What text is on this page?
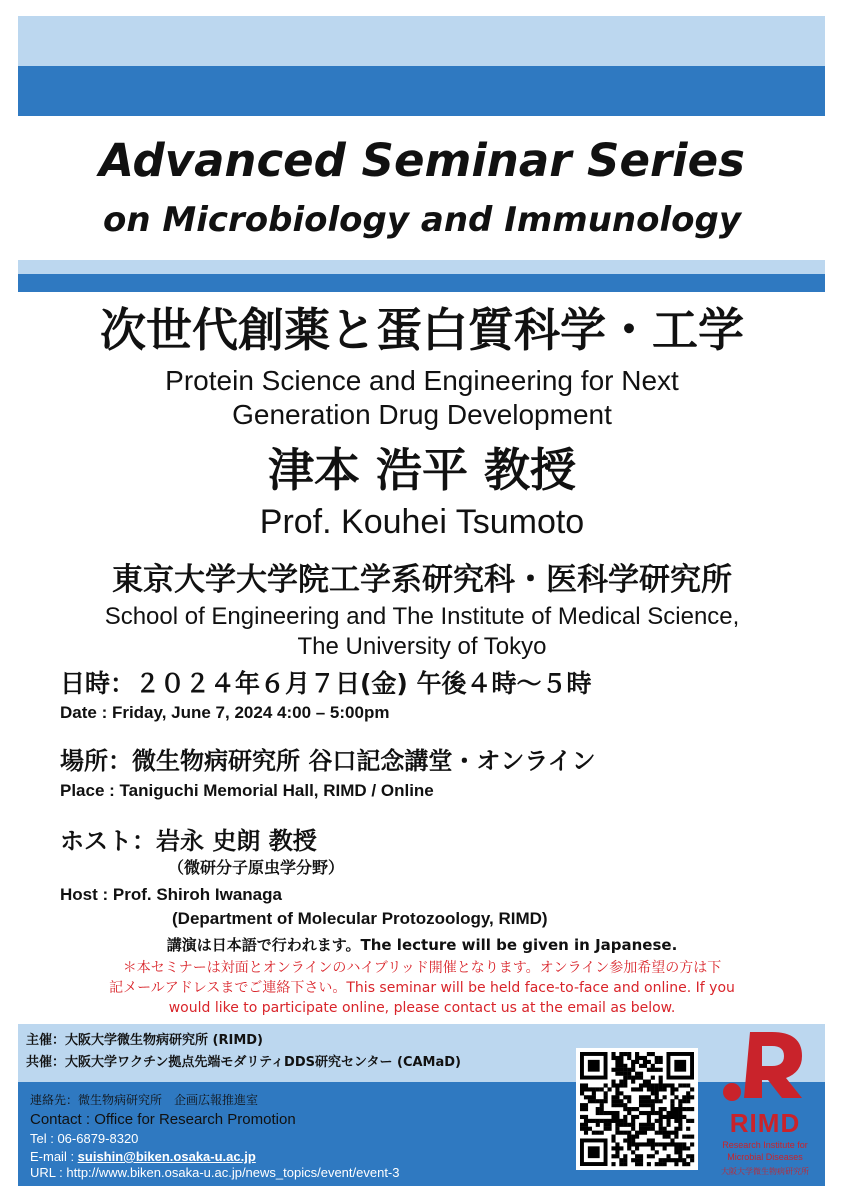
Advanced Seminar Series
on Microbiology and Immunology
次世代創薬と蛋白質科学・工学
Protein Science and Engineering for Next
Generation Drug Development
津本 浩平 教授
Prof. Kouhei Tsumoto
東京大学大学院工学系研究科・医科学研究所
School of Engineering and The Institute of Medical Science,
The University of Tokyo
日時：２０２４年６月７日(金) 午後４時～５時
Date : Friday, June 7, 2024 4:00 – 5:00pm
場所：微生物病研究所 谷口記念講堂・オンライン
Place : Taniguchi Memorial Hall, RIMD / Online
ホスト：岩永 史朗 教授
（微研分子原虫学分野）
Host : Prof. Shiroh Iwanaga
(Department of Molecular Protozoology, RIMD)
講演は日本語で行われます。The lecture will be given in Japanese.
＊本セミナーは対面とオンラインのハイブリッド開催となります。オンライン参加希望の方は下
記メールアドレスまでご連絡下さい。This seminar will be held face-to-face and online. If you
would like to participate online, please contact us at the email as below.
主催：大阪大学微生物病研究所 (RIMD)
共催：大阪大学ワクチン拠点先端モダリティDDS研究センター (CAMaD)
連絡先：微生物病研究所　企画広報推進室
Contact : Office for Research Promotion
Tel : 06-6879-8320
E-mail : suishin@biken.osaka-u.ac.jp
URL : http://www.biken.osaka-u.ac.jp/news_topics/event/event-3
RIMD
Research Institute for
Microbial Diseases
大阪大学微生物病研究所
